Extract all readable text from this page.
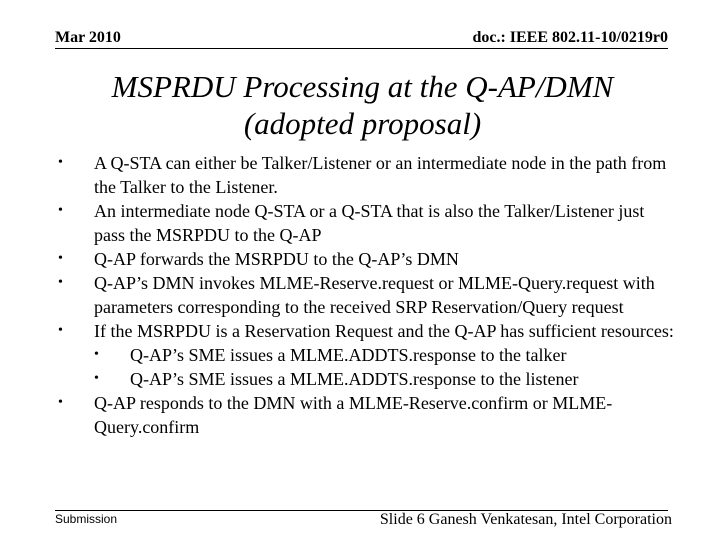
Mar 2010	doc.: IEEE 802.11-10/0219r0
MSPRDU Processing at the Q-AP/DMN
(adopted proposal)
•	A Q-STA can either be Talker/Listener or an intermediate node in the path from the Talker to the Listener.
•	An intermediate node Q-STA or a Q-STA that is also the Talker/Listener just pass the MSRPDU to the Q-AP
•	Q-AP forwards the MSRPDU to the Q-AP’s DMN
•	Q-AP’s DMN invokes MLME-Reserve.request or MLME-Query.request with parameters corresponding to the received SRP Reservation/Query request
•	If the MSRPDU is a Reservation Request and the Q-AP has sufficient resources:
• Q-AP’s SME issues a MLME.ADDTS.response to the talker
• Q-AP’s SME issues a MLME.ADDTS.response to the listener
•	Q-AP responds to the DMN with a MLME-Reserve.confirm or MLME-Query.confirm
Submission	Slide 6 Ganesh Venkatesan, Intel Corporation
